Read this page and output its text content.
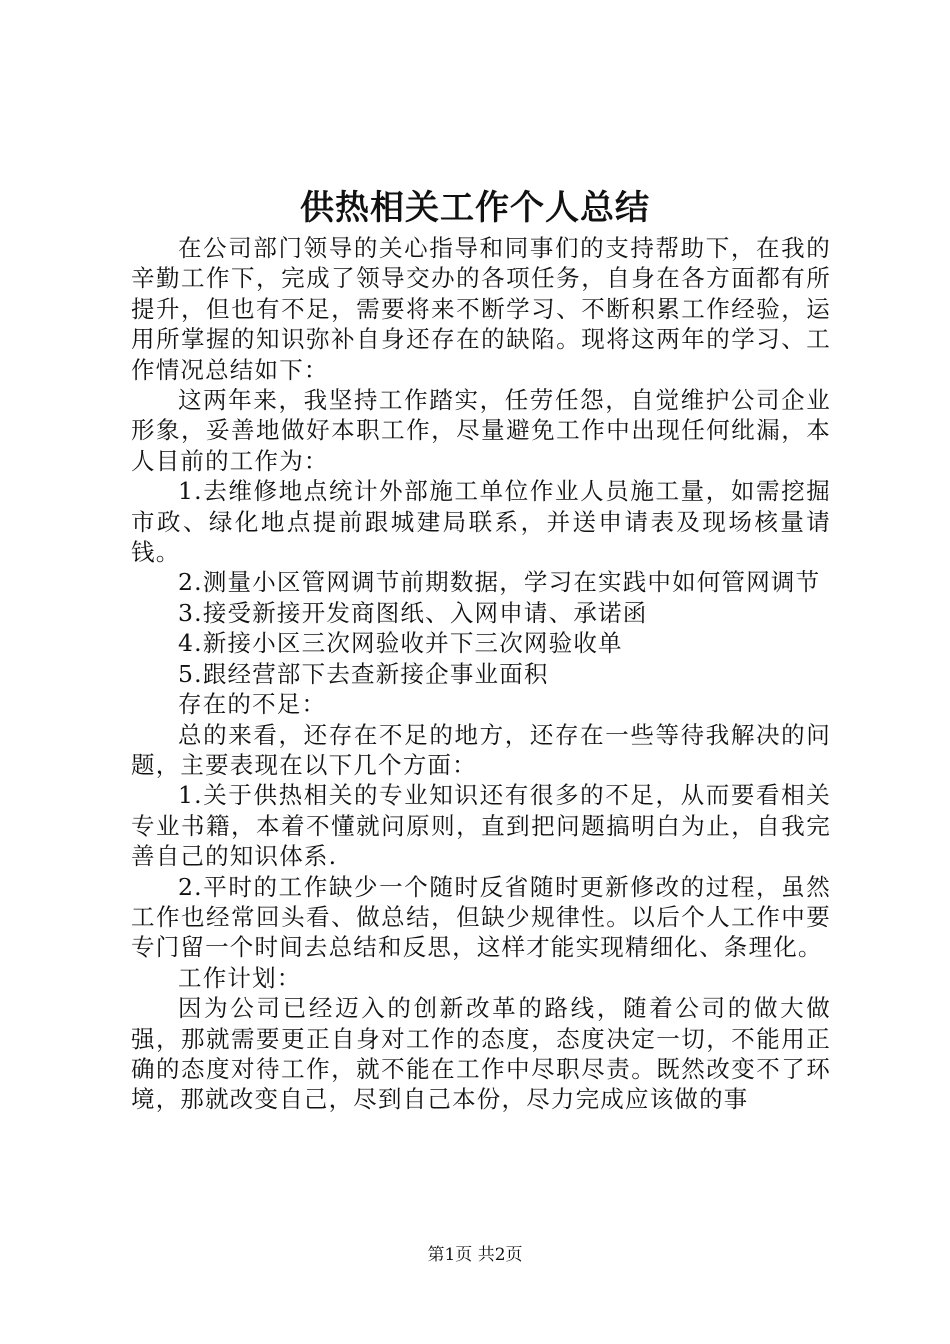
供热相关工作个人总结

在公司部门领导的关心指导和同事们的支持帮助下，在我的辛勤工作下，完成了领导交办的各项任务，自身在各方面都有所提升，但也有不足，需要将来不断学习、不断积累工作经验，运用所掌握的知识弥补自身还存在的缺陷。现将这两年的学习、工作情况总结如下：

这两年来，我坚持工作踏实，任劳任怨，自觉维护公司企业形象，妥善地做好本职工作，尽量避免工作中出现任何纰漏，本人目前的工作为：

1.去维修地点统计外部施工单位作业人员施工量，如需挖掘市政、绿化地点提前跟城建局联系，并送申请表及现场核量请钱。

2.测量小区管网调节前期数据，学习在实践中如何管网调节

3.接受新接开发商图纸、入网申请、承诺函

4.新接小区三次网验收并下三次网验收单

5.跟经营部下去查新接企事业面积

存在的不足：

总的来看，还存在不足的地方，还存在一些等待我解决的问题，主要表现在以下几个方面：

1.关于供热相关的专业知识还有很多的不足，从而要看相关专业书籍，本着不懂就问原则，直到把问题搞明白为止，自我完善自己的知识体系.

2.平时的工作缺少一个随时反省随时更新修改的过程，虽然工作也经常回头看、做总结，但缺少规律性。以后个人工作中要专门留一个时间去总结和反思，这样才能实现精细化、条理化。

工作计划：

因为公司已经迈入的创新改革的路线，随着公司的做大做强，那就需要更正自身对工作的态度，态度决定一切，不能用正确的态度对待工作，就不能在工作中尽职尽责。既然改变不了环境，那就改变自己，尽到自己本份，尽力完成应该做的事

第1页 共2页
